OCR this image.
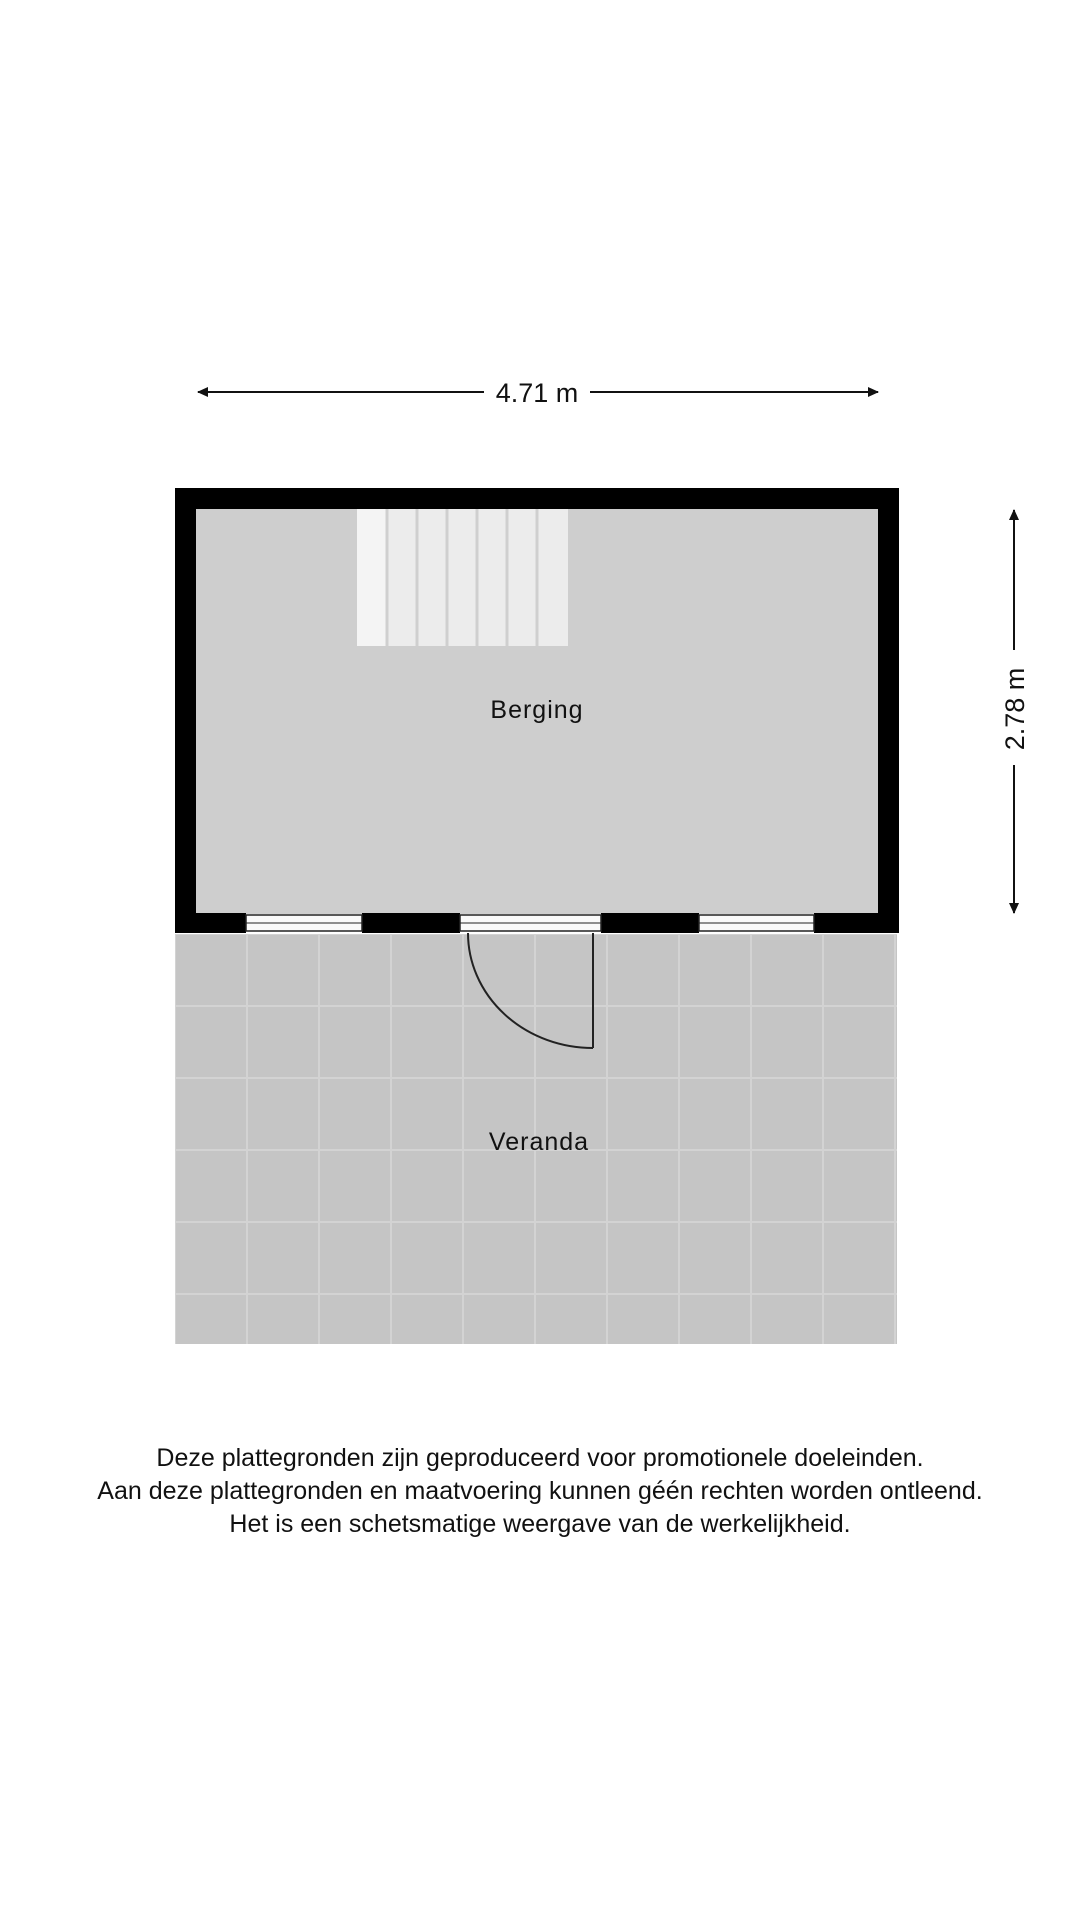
4.71 m
2.78 m
Berging
Veranda
Deze plattegronden zijn geproduceerd voor promotionele doeleinden.
Aan deze plattegronden en maatvoering kunnen géén rechten worden ontleend.
Het is een schetsmatige weergave van de werkelijkheid.
